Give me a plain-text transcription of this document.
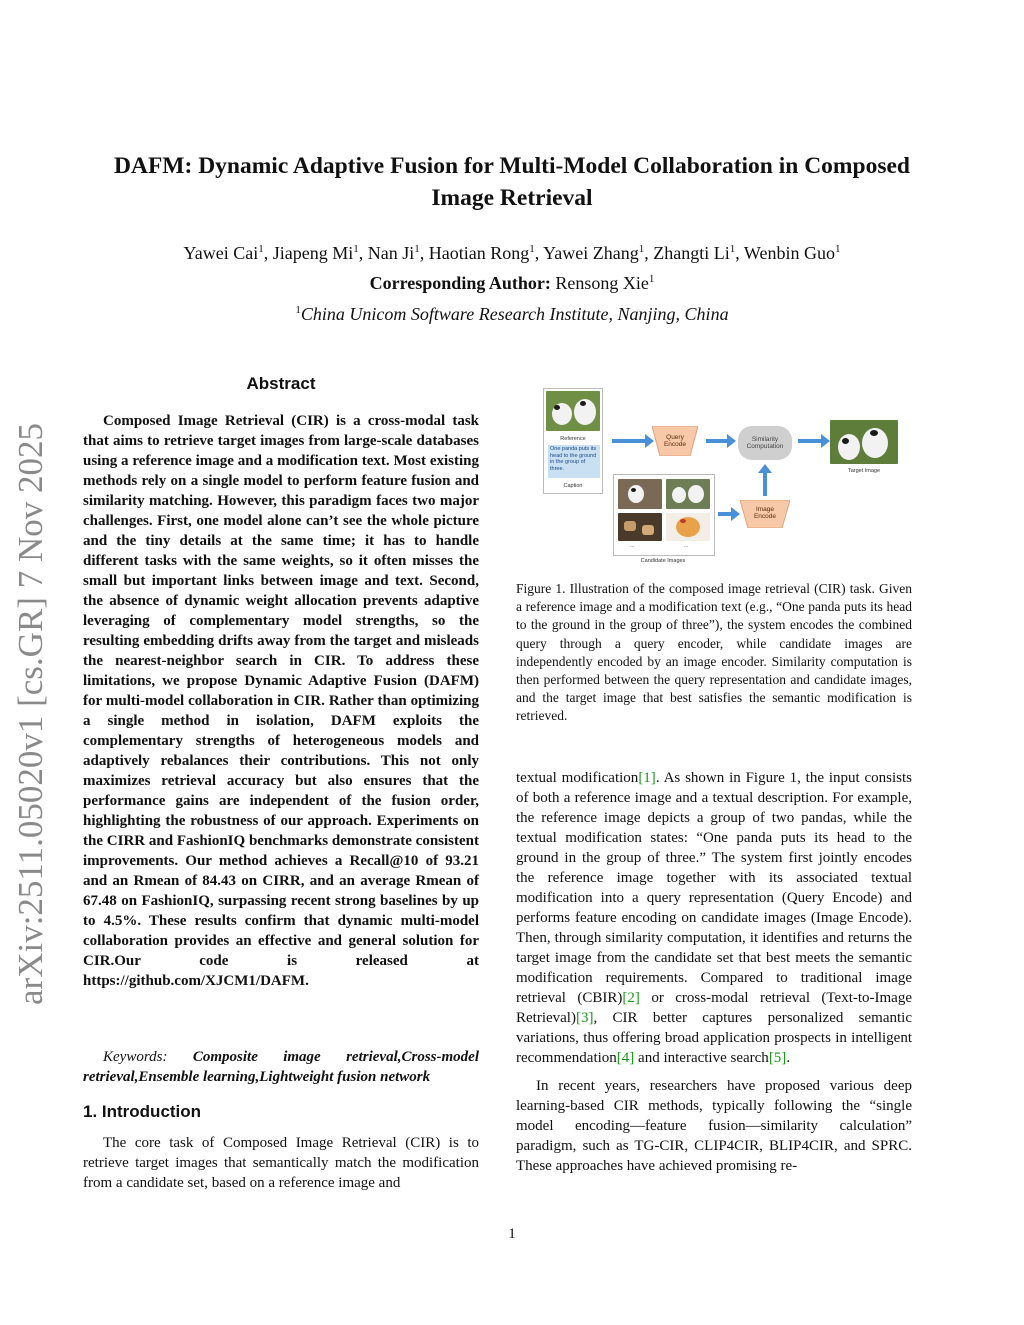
arXiv:2511.05020v1 [cs.GR] 7 Nov 2025
DAFM: Dynamic Adaptive Fusion for Multi-Model Collaboration in Composed
Image Retrieval
Yawei Cai$^1$, Jiapeng Mi$^1$, Nan Ji$^1$, Haotian Rong$^1$, Yawei Zhang$^1$, Zhangti Li$^1$, Wenbin Guo$^1$
Corresponding Author: Rensong Xie$^1$
$^1$China Unicom Software Research Institute, Nanjing, China
Abstract

Composed Image Retrieval (CIR) is a cross-modal task that aims to retrieve target images from large-scale databases using a reference image and a modification text. Most existing methods rely on a single model to perform feature fusion and similarity matching. However, this paradigm faces two major challenges. First, one model alone can’t see the whole picture and the tiny details at the same time; it has to handle different tasks with the same weights, so it often misses the small but important links between image and text. Second, the absence of dynamic weight allocation prevents adaptive leveraging of complementary model strengths, so the resulting embedding drifts away from the target and misleads the nearest-neighbor search in CIR. To address these limitations, we propose Dynamic Adaptive Fusion (DAFM) for multi-model collaboration in CIR. Rather than optimizing a single method in isolation, DAFM exploits the complementary strengths of heterogeneous models and adaptively rebalances their contributions. This not only maximizes retrieval accuracy but also ensures that the performance gains are independent of the fusion order, highlighting the robustness of our approach. Experiments on the CIRR and FashionIQ benchmarks demonstrate consistent improvements. Our method achieves a Recall@10 of 93.21 and an Rmean of 84.43 on CIRR, and an average Rmean of 67.48 on FashionIQ, surpassing recent strong baselines by up to 4.5%. These results confirm that dynamic multi-model collaboration provides an effective and general solution for CIR.Our code is released at https://github.com/XJCM1/DAFM.

Keywords: Composite image retrieval,Cross-model retrieval,Ensemble learning,Lightweight fusion network
1. Introduction

The core task of Composed Image Retrieval (CIR) is to retrieve target images that semantically match the modification from a candidate set, based on a reference image and

Reference
One panda puts its head to the ground in the group of three.
Caption
Query Encode
Similarity Computation
Target Image
Image Encode
...	...
Candidate Images
Figure 1. Illustration of the composed image retrieval (CIR) task. Given a reference image and a modification text (e.g., “One panda puts its head to the ground in the group of three”), the system encodes the combined query through a query encoder, while candidate images are independently encoded by an image encoder. Similarity computation is then performed between the query representation and candidate images, and the target image that best satisfies the semantic modification is retrieved.

textual modification[1]. As shown in Figure 1, the input consists of both a reference image and a textual description. For example, the reference image depicts a group of two pandas, while the textual modification states: “One panda puts its head to the ground in the group of three.” The system first jointly encodes the reference image together with its associated textual modification into a query representation (Query Encode) and performs feature encoding on candidate images (Image Encode). Then, through similarity computation, it identifies and returns the target image from the candidate set that best meets the semantic modification requirements. Compared to traditional image retrieval (CBIR)[2] or cross-modal retrieval (Text-to-Image Retrieval)[3], CIR better captures personalized semantic variations, thus offering broad application prospects in intelligent recommendation[4] and interactive search[5].

In recent years, researchers have proposed various deep learning-based CIR methods, typically following the “single model encoding—feature fusion—similarity calculation” paradigm, such as TG-CIR, CLIP4CIR, BLIP4CIR, and SPRC. These approaches have achieved promising re-

1
